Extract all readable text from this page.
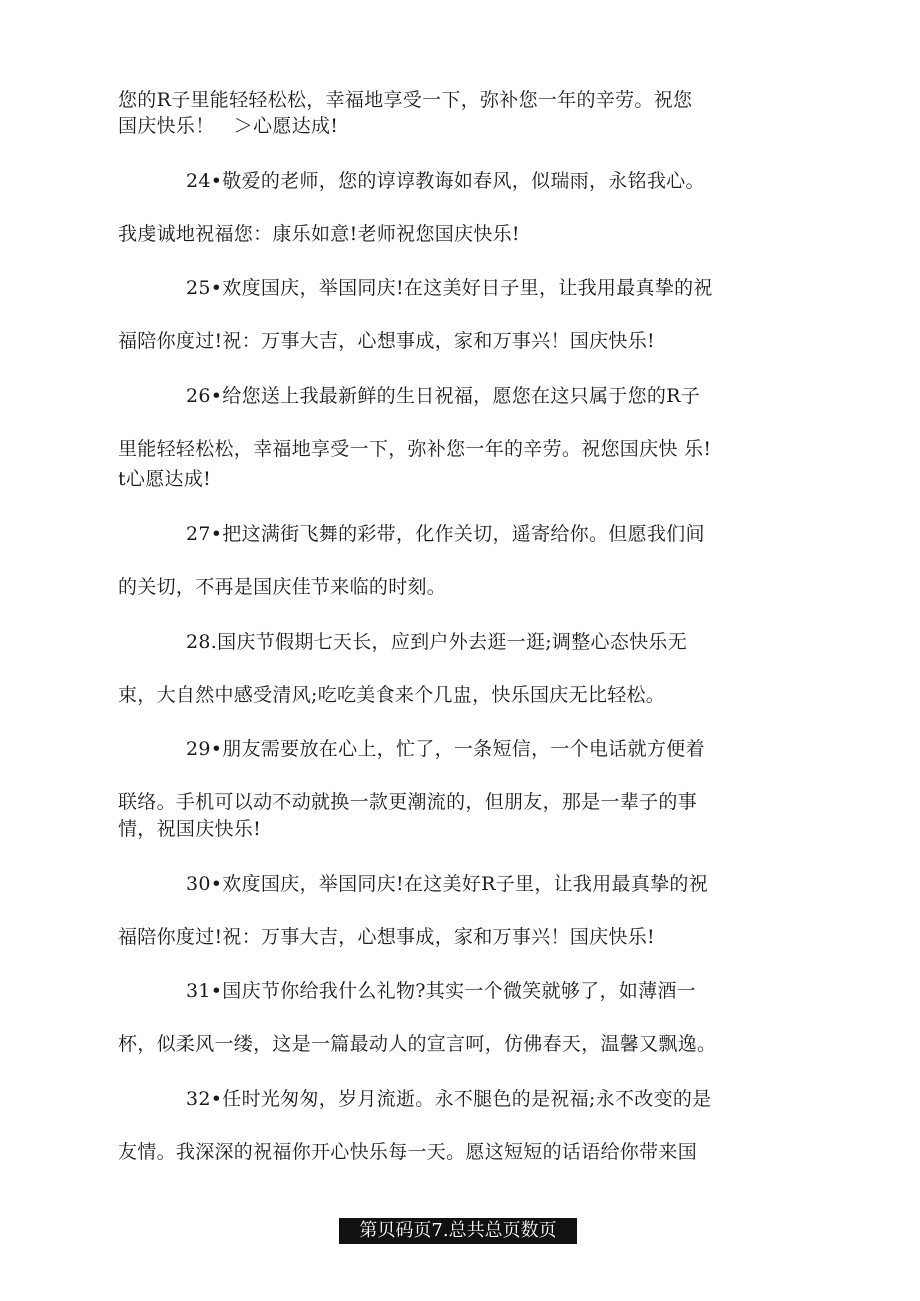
您的R子里能轻轻松松，幸福地享受一下，弥补您一年的辛劳。祝您
国庆快乐！　＞心愿达成!
24•敬爱的老师，您的谆谆教诲如春风，似瑞雨，永铭我心。
我虔诚地祝福您：康乐如意!老师祝您国庆快乐!
25•欢度国庆，举国同庆!在这美好日子里，让我用最真挚的祝
福陪你度过!祝：万事大吉，心想事成，家和万事兴！国庆快乐!
26•给您送上我最新鲜的生日祝福，愿您在这只属于您的R子
里能轻轻松松，幸福地享受一下，弥补您一年的辛劳。祝您国庆快 乐!
t心愿达成!
27•把这满街飞舞的彩带，化作关切，遥寄给你。但愿我们间
的关切，不再是国庆佳节来临的时刻。
28.国庆节假期七天长，应到户外去逛一逛;调整心态快乐无
束，大自然中感受清风;吃吃美食来个几盅，快乐国庆无比轻松。
29•朋友需要放在心上，忙了，一条短信，一个电话就方便着
联络。手机可以动不动就换一款更潮流的，但朋友，那是一辈子的事
情，祝国庆快乐!
30•欢度国庆，举国同庆!在这美好R子里，让我用最真挚的祝
福陪你度过!祝：万事大吉，心想事成，家和万事兴！国庆快乐!
31•国庆节你给我什么礼物?其实一个微笑就够了，如薄酒一
杯，似柔风一缕，这是一篇最动人的宣言呵，仿佛春天，温馨又飘逸。
32•任时光匆匆，岁月流逝。永不腿色的是祝福;永不改变的是
友情。我深深的祝福你开心快乐每一天。愿这短短的话语给你带来国
第贝码页7.总共总页数页
